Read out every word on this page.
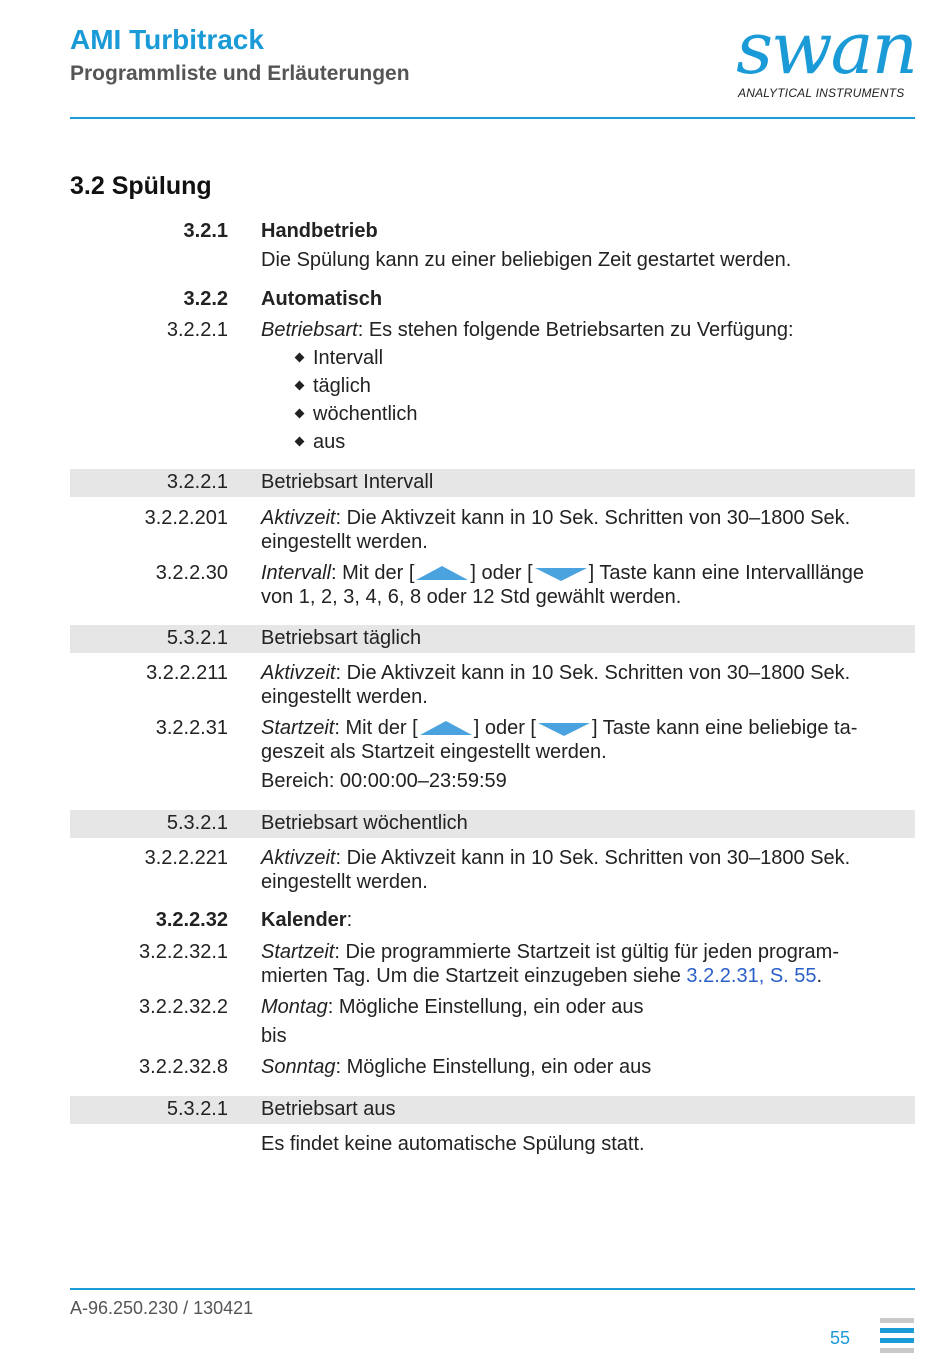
AMI Turbitrack
Programmliste und Erläuterungen	swan
ANALYTICAL INSTRUMENTS
3.2 Spülung
3.2.1 Handbetrieb
Die Spülung kann zu einer beliebigen Zeit gestartet werden.
3.2.2 Automatisch
3.2.2.1 Betriebsart: Es stehen folgende Betriebsarten zu Verfügung:
Intervall
täglich
wöchentlich
aus
3.2.2.1 Betriebsart Intervall
3.2.2.201 Aktivzeit: Die Aktivzeit kann in 10 Sek. Schritten von 30–1800 Sek.
eingestellt werden.
3.2.2.30 Intervall: Mit der [	] oder [	] Taste kann eine Intervalllänge
von 1, 2, 3, 4, 6, 8 oder 12 Std gewählt werden.
5.3.2.1 Betriebsart täglich
3.2.2.211 Aktivzeit: Die Aktivzeit kann in 10 Sek. Schritten von 30–1800 Sek.
eingestellt werden.
3.2.2.31 Startzeit: Mit der [	] oder [	] Taste kann eine beliebige ta-
geszeit als Startzeit eingestellt werden.
Bereich: 00:00:00–23:59:59
5.3.2.1 Betriebsart wöchentlich
3.2.2.221 Aktivzeit: Die Aktivzeit kann in 10 Sek. Schritten von 30–1800 Sek.
eingestellt werden.
3.2.2.32 Kalender:
3.2.2.32.1 Startzeit: Die programmierte Startzeit ist gültig für jeden program-
mierten Tag. Um die Startzeit einzugeben siehe 3.2.2.31, S. 55.
3.2.2.32.2 Montag: Mögliche Einstellung, ein oder aus
bis
3.2.2.32.8 Sonntag: Mögliche Einstellung, ein oder aus
5.3.2.1 Betriebsart aus
Es findet keine automatische Spülung statt.
A-96.250.230 / 130421
55
